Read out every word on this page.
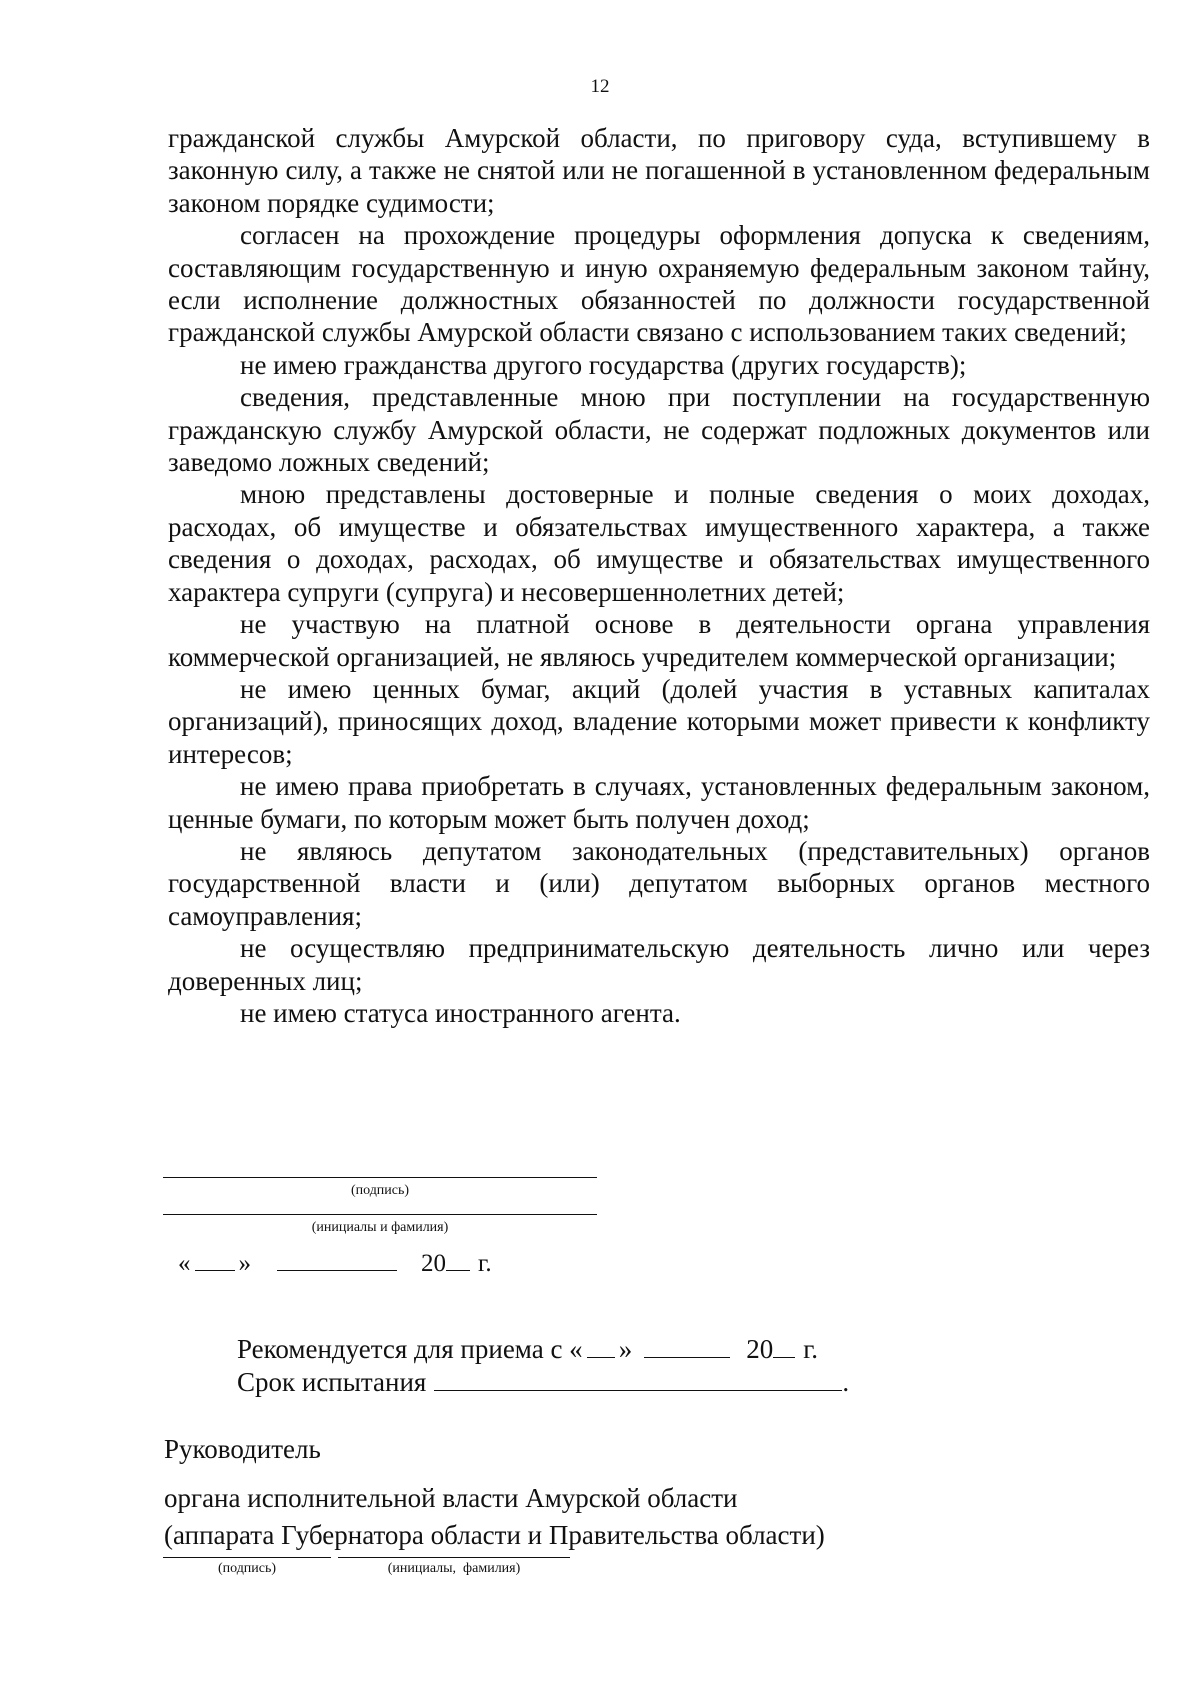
12

гражданской службы Амурской области, по приговору суда, вступившему в законную силу, а также не снятой или не погашенной в установленном федеральным законом порядке судимости;

согласен на прохождение процедуры оформления допуска к сведениям, составляющим государственную и иную охраняемую федеральным законом тайну, если исполнение должностных обязанностей по должности государственной гражданской службы Амурской области связано с использованием таких сведений;

не имею гражданства другого государства (других государств);

сведения, представленные мною при поступлении на государственную гражданскую службу Амурской области, не содержат подложных документов или заведомо ложных сведений;

мною представлены достоверные и полные сведения о моих доходах, расходах, об имуществе и обязательствах имущественного характера, а также сведения о доходах, расходах, об имуществе и обязательствах имущественного характера супруги (супруга) и несовершеннолетних детей;

не участвую на платной основе в деятельности органа управления коммерческой организацией, не являюсь учредителем коммерческой организации;

не имею ценных бумаг, акций (долей участия в уставных капиталах организаций), приносящих доход, владение которыми может привести к конфликту интересов;

не имею права приобретать в случаях, установленных федеральным законом, ценные бумаги, по которым может быть получен доход;

не являюсь депутатом законодательных (представительных) органов государственной власти и (или) депутатом выборных органов местного самоуправления;

не осуществляю предпринимательскую деятельность лично или через доверенных лиц;

не имею статуса иностранного агента.

(подпись)
(инициалы и фамилия)
« »	20 г.
Рекомендуется для приема с « »	20 г.
Срок испытания	.
Руководитель
органа исполнительной власти Амурской области
(аппарата Губернатора области и Правительства области)
(подпись)	(инициалы,  фамилия)
